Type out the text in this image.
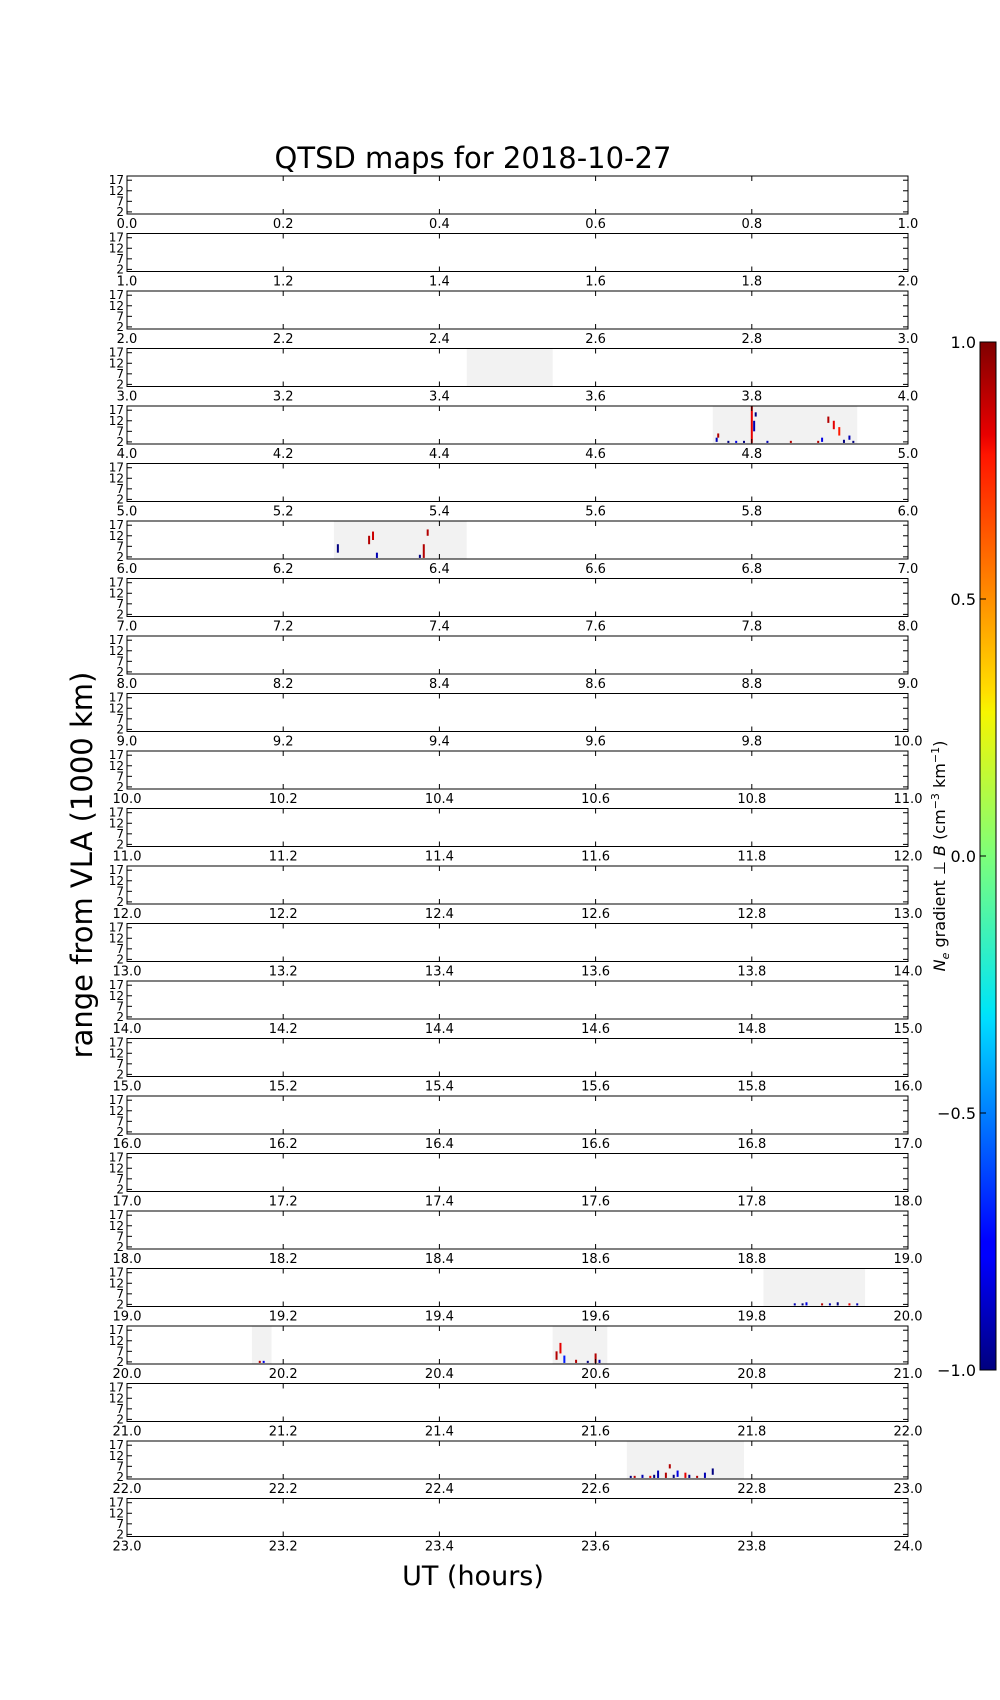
QTSD maps for 2018-10-27
0.0	0.2	0.4	0.6	0.8	1.0
17
12
7
2
1.0	1.2	1.4	1.6	1.8	2.0
17
12
7
2
2.0	2.2	2.4	2.6	2.8	3.0
17
12
7
2
3.0	3.2	3.4	3.6	3.8	4.0
17
12
7
2
4.0	4.2	4.4	4.6	4.8	5.0
17
12
7
2
5.0	5.2	5.4	5.6	5.8	6.0
17
12
7
2
6.0	6.2	6.4	6.6	6.8	7.0
17
12
7
2
7.0	7.2	7.4	7.6	7.8	8.0
17
12
7
2
8.0	8.2	8.4	8.6	8.8	9.0
17
12
7
2
9.0	9.2	9.4	9.6	9.8	10.0
17
12
7
2
10.0	10.2	10.4	10.6	10.8	11.0
17
12
7
2
11.0	11.2	11.4	11.6	11.8	12.0
17
12
7
2
12.0	12.2	12.4	12.6	12.8	13.0
17
12
7
2
13.0	13.2	13.4	13.6	13.8	14.0
17
12
7
2
14.0	14.2	14.4	14.6	14.8	15.0
17
12
7
2
15.0	15.2	15.4	15.6	15.8	16.0
17
12
7
2
16.0	16.2	16.4	16.6	16.8	17.0
17
12
7
2
17.0	17.2	17.4	17.6	17.8	18.0
17
12
7
2
18.0	18.2	18.4	18.6	18.8	19.0
17
12
7
2
19.0	19.2	19.4	19.6	19.8	20.0
17
12
7
2
20.0	20.2	20.4	20.6	20.8	21.0
17
12
7
2
21.0	21.2	21.4	21.6	21.8	22.0
17
12
7
2
22.0	22.2	22.4	22.6	22.8	23.0
17
12
7
2
23.0	23.2	23.4	23.6	23.8	24.0
17
12
7
2
UT (hours)
range from VLA (1000 km)
1.0
0.5
0.0
−0.5
−1.0
$N_e$ gradient ⊥ B ($cm^{-3}$ $km^{-1}$)
